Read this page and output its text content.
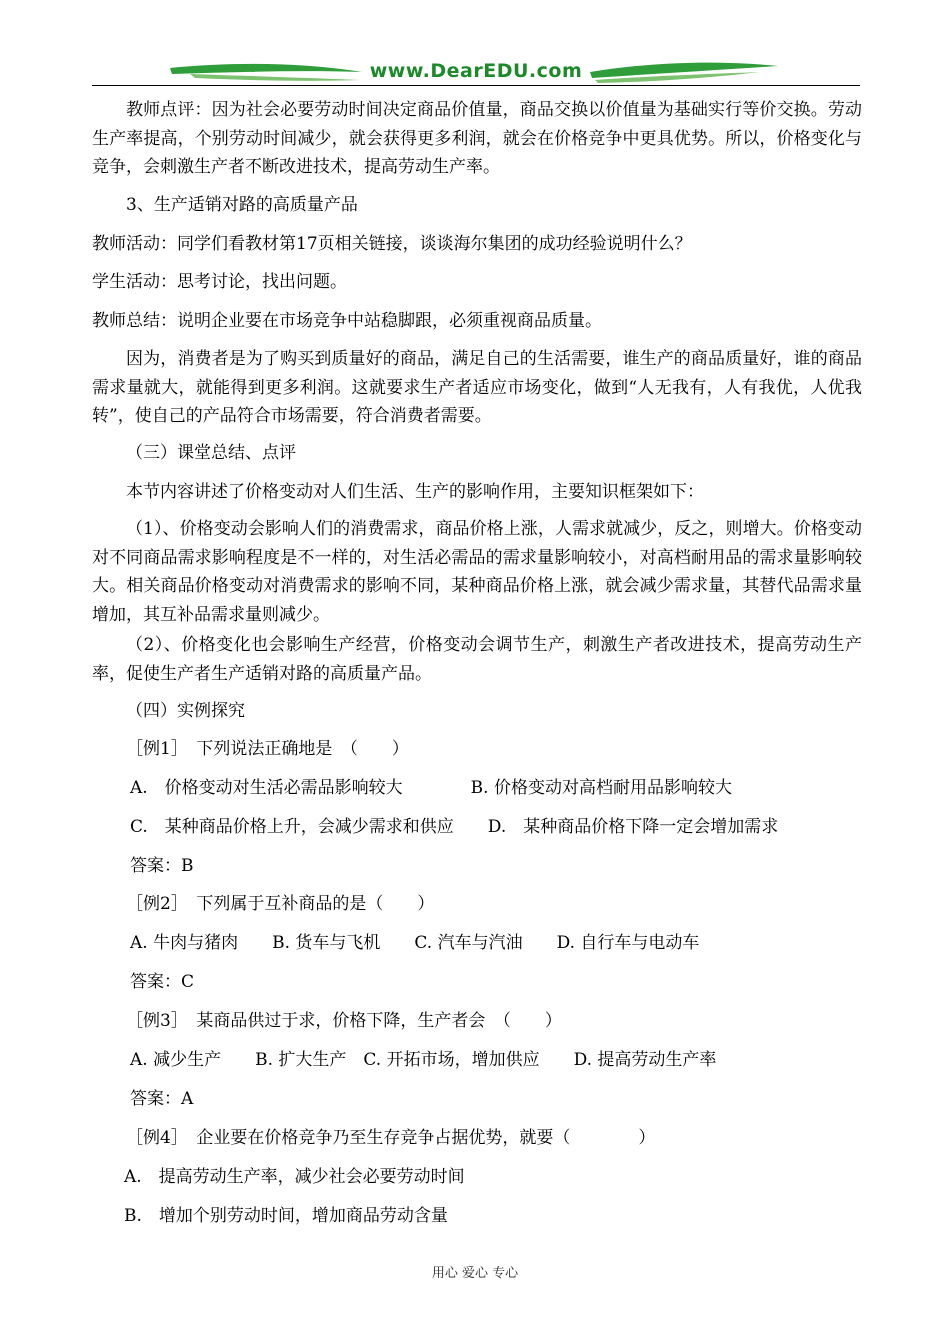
www.DearEDU.com

教师点评：因为社会必要劳动时间决定商品价值量，商品交换以价值量为基础实行等价交换。劳动生产率提高，个别劳动时间减少，就会获得更多利润，就会在价格竞争中更具优势。所以，价格变化与竞争，会刺激生产者不断改进技术，提高劳动生产率。

3、生产适销对路的高质量产品

教师活动：同学们看教材第17页相关链接，谈谈海尔集团的成功经验说明什么？

学生活动：思考讨论，找出问题。

教师总结：说明企业要在市场竞争中站稳脚跟，必须重视商品质量。

因为，消费者是为了购买到质量好的商品，满足自己的生活需要，谁生产的商品质量好，谁的商品需求量就大，就能得到更多利润。这就要求生产者适应市场变化，做到“人无我有，人有我优，人优我转”，使自己的产品符合市场需要，符合消费者需要。

（三）课堂总结、点评

本节内容讲述了价格变动对人们生活、生产的影响作用，主要知识框架如下：

（1）、价格变动会影响人们的消费需求，商品价格上涨，人需求就减少，反之，则增大。价格变动对不同商品需求影响程度是不一样的，对生活必需品的需求量影响较小，对高档耐用品的需求量影响较大。相关商品价格变动对消费需求的影响不同，某种商品价格上涨，就会减少需求量，其替代品需求量增加，其互补品需求量则减少。

（2）、价格变化也会影响生产经营，价格变动会调节生产，刺激生产者改进技术，提高劳动生产率，促使生产者生产适销对路的高质量产品。

（四）实例探究

［例1］　下列说法正确地是　（　　）

A.　价格变动对生活必需品影响较大　　　　B. 价格变动对高档耐用品影响较大

C.　某种商品价格上升，会减少需求和供应　　D.　某种商品价格下降一定会增加需求

答案：B

［例2］　下列属于互补商品的是（　　）

A. 牛肉与猪肉　　B. 货车与飞机　　C. 汽车与汽油　　D. 自行车与电动车

答案：C

［例3］　某商品供过于求，价格下降，生产者会　（　　）

A. 减少生产　　B. 扩大生产　C. 开拓市场，增加供应　　D. 提高劳动生产率

答案：A

［例4］　企业要在价格竞争乃至生存竞争占据优势，就要（　　　　）

A.　提高劳动生产率，减少社会必要劳动时间

B.　增加个别劳动时间，增加商品劳动含量

用心 爱心 专心
